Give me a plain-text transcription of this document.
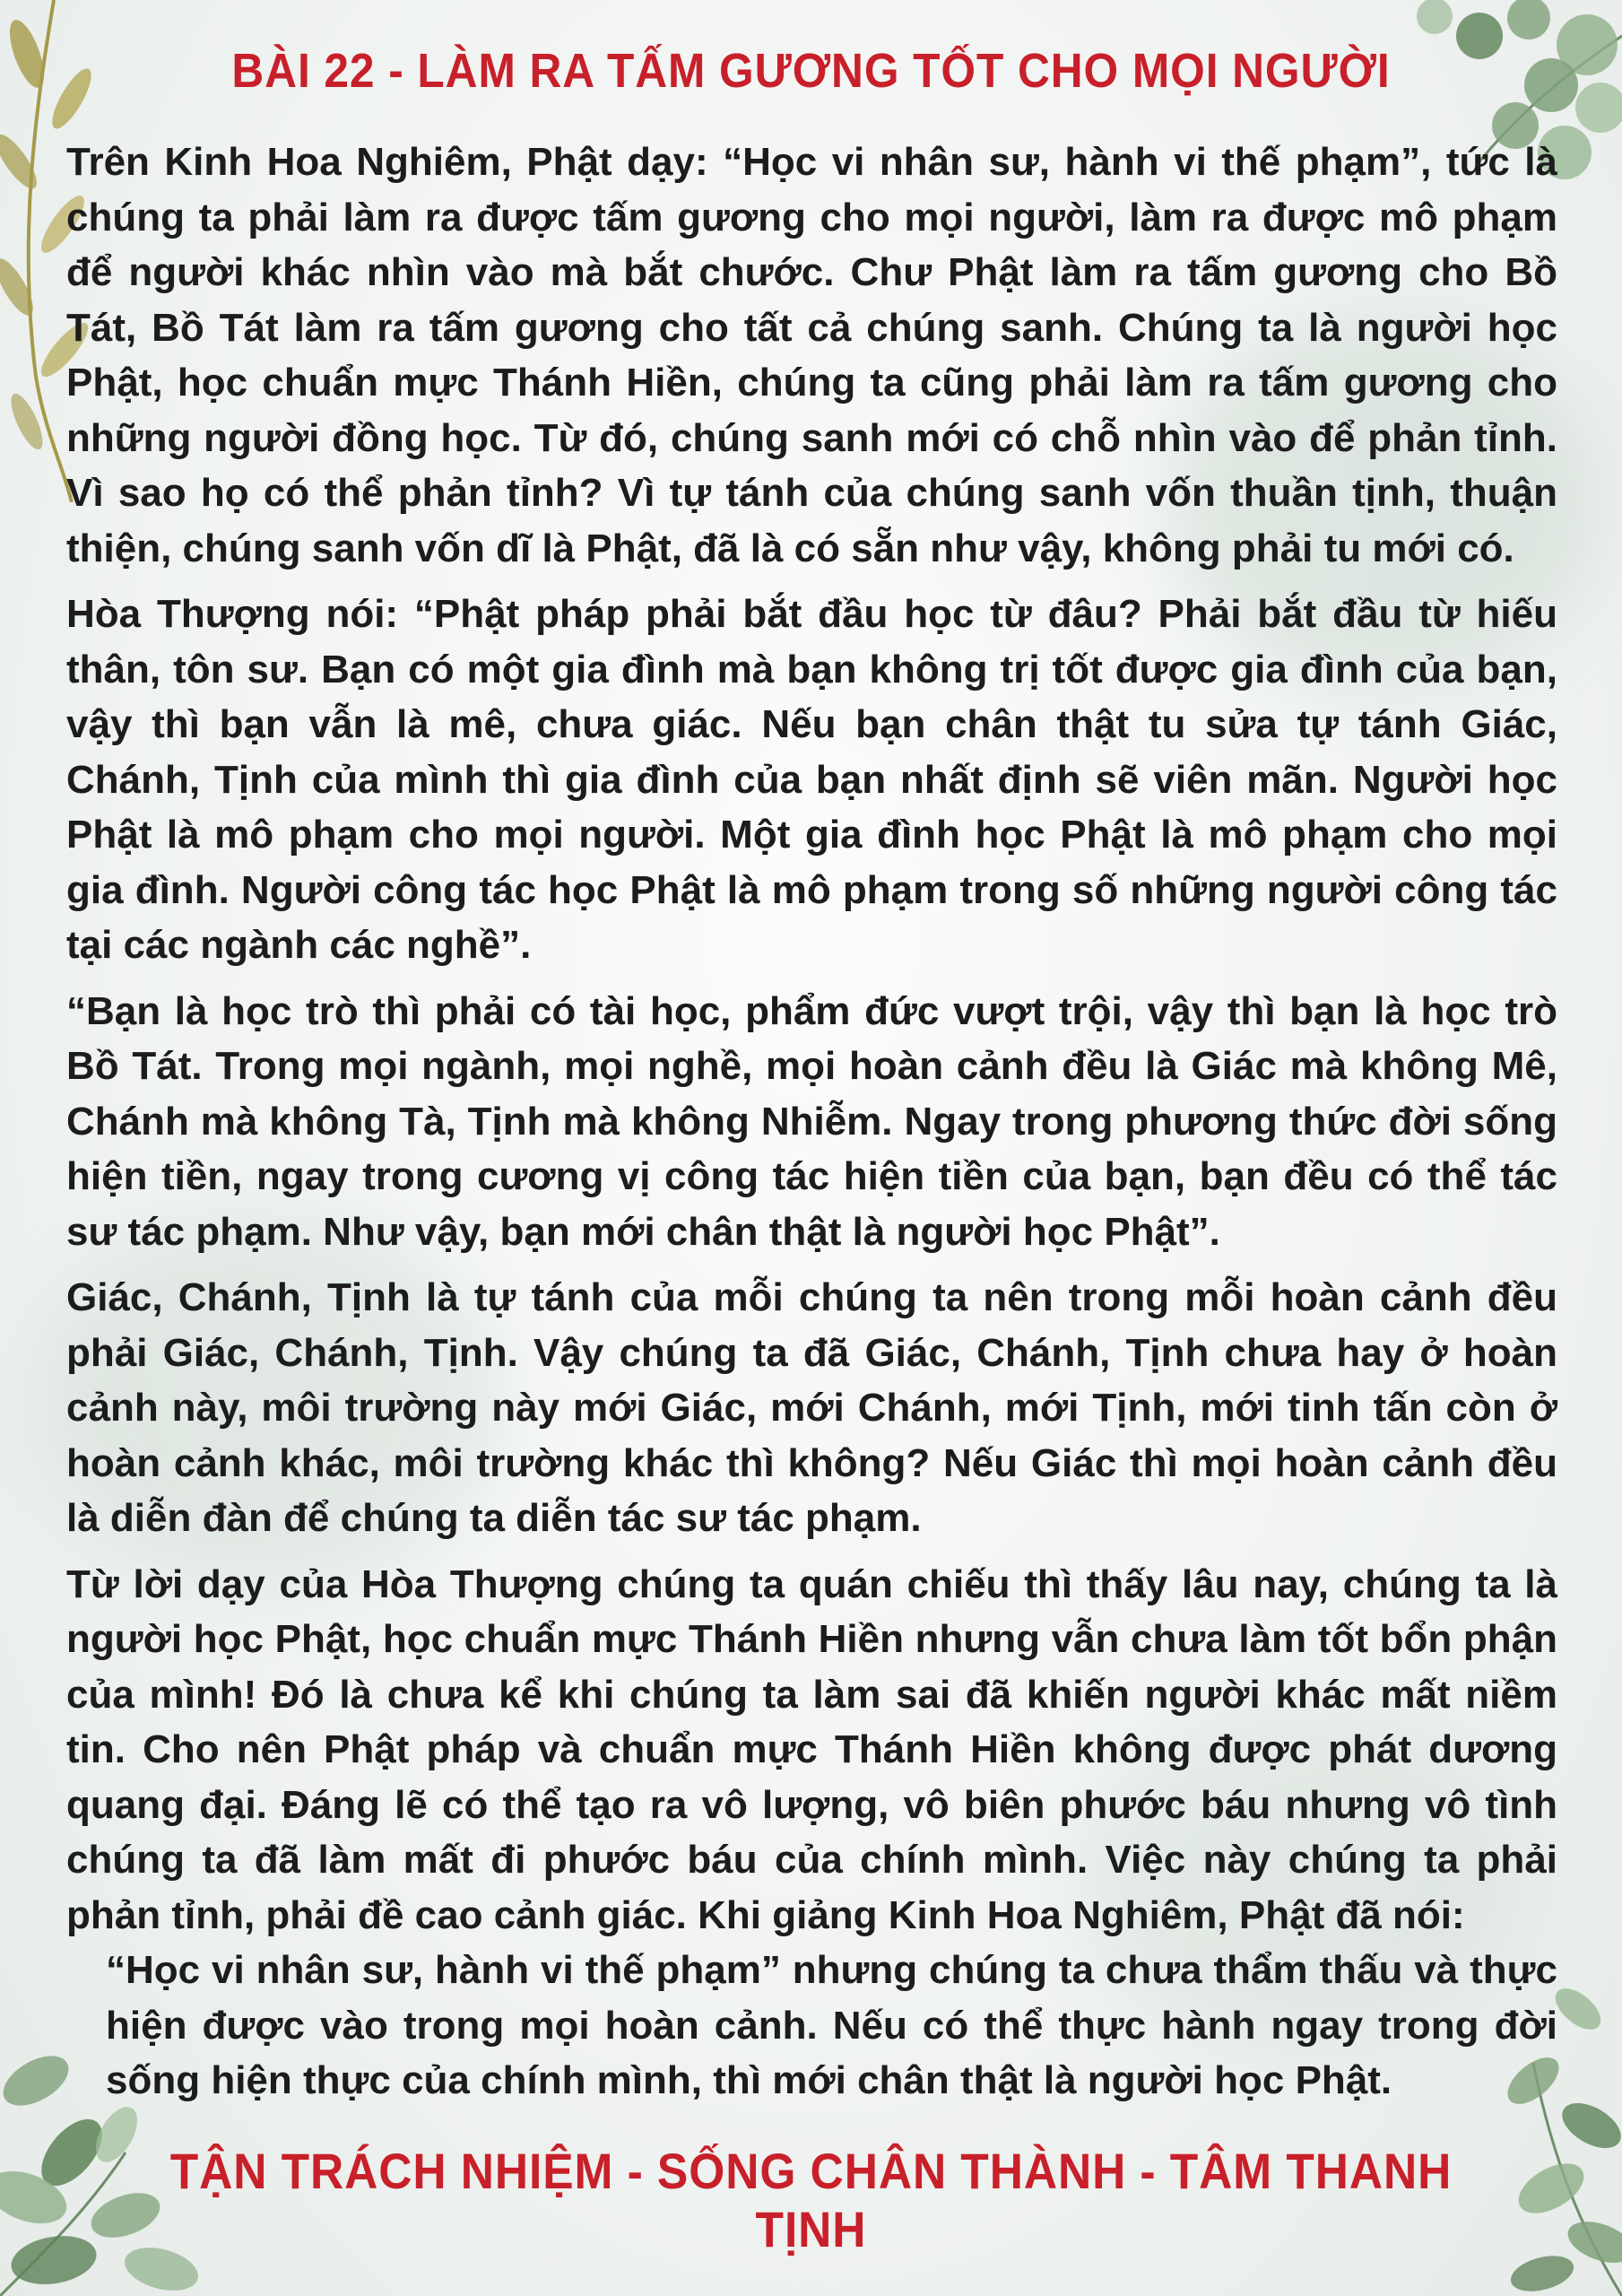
BÀI 22 - LÀM RA TẤM GƯƠNG TỐT CHO MỌI NGƯỜI

Trên Kinh Hoa Nghiêm, Phật dạy: “Học vi nhân sư, hành vi thế phạm”, tức là chúng ta phải làm ra được tấm gương cho mọi người, làm ra được mô phạm để người khác nhìn vào mà bắt chước. Chư Phật làm ra tấm gương cho Bồ Tát, Bồ Tát làm ra tấm gương cho tất cả chúng sanh. Chúng ta là người học Phật, học chuẩn mực Thánh Hiền, chúng ta cũng phải làm ra tấm gương cho những người đồng học. Từ đó, chúng sanh mới có chỗ nhìn vào để phản tỉnh. Vì sao họ có thể phản tỉnh? Vì tự tánh của chúng sanh vốn thuần tịnh, thuận thiện, chúng sanh vốn dĩ là Phật, đã là có sẵn như vậy, không phải tu mới có.

Hòa Thượng nói: “Phật pháp phải bắt đầu học từ đâu? Phải bắt đầu từ hiếu thân, tôn sư. Bạn có một gia đình mà bạn không trị tốt được gia đình của bạn, vậy thì bạn vẫn là mê, chưa giác. Nếu bạn chân thật tu sửa tự tánh Giác, Chánh, Tịnh của mình thì gia đình của bạn nhất định sẽ viên mãn. Người học Phật là mô phạm cho mọi người. Một gia đình học Phật là mô phạm cho mọi gia đình. Người công tác học Phật là mô phạm trong số những người công tác tại các ngành các nghề”.

“Bạn là học trò thì phải có tài học, phẩm đức vượt trội, vậy thì bạn là học trò Bồ Tát. Trong mọi ngành, mọi nghề, mọi hoàn cảnh đều là Giác mà không Mê, Chánh mà không Tà, Tịnh mà không Nhiễm. Ngay trong phương thức đời sống hiện tiền, ngay trong cương vị công tác hiện tiền của bạn, bạn đều có thể tác sư tác phạm. Như vậy, bạn mới chân thật là người học Phật”.

Giác, Chánh, Tịnh là tự tánh của mỗi chúng ta nên trong mỗi hoàn cảnh đều phải Giác, Chánh, Tịnh. Vậy chúng ta đã Giác, Chánh, Tịnh chưa hay ở hoàn cảnh này, môi trường này mới Giác, mới Chánh, mới Tịnh, mới tinh tấn còn ở hoàn cảnh khác, môi trường khác thì không? Nếu Giác thì mọi hoàn cảnh đều là diễn đàn để chúng ta diễn tác sư tác phạm.

Từ lời dạy của Hòa Thượng chúng ta quán chiếu thì thấy lâu nay, chúng ta là người học Phật, học chuẩn mực Thánh Hiền nhưng vẫn chưa làm tốt bổn phận của mình! Đó là chưa kể khi chúng ta làm sai đã khiến người khác mất niềm tin. Cho nên Phật pháp và chuẩn mực Thánh Hiền không được phát dương quang đại. Đáng lẽ có thể tạo ra vô lượng, vô biên phước báu nhưng vô tình chúng ta đã làm mất đi phước báu của chính mình. Việc này chúng ta phải phản tỉnh, phải đề cao cảnh giác. Khi giảng Kinh Hoa Nghiêm, Phật đã nói:

“Học vi nhân sư, hành vi thế phạm” nhưng chúng ta chưa thẩm thấu và thực hiện được vào trong mọi hoàn cảnh. Nếu có thể thực hành ngay trong đời sống hiện thực của chính mình, thì mới chân thật là người học Phật.

TẬN TRÁCH NHIỆM - SỐNG CHÂN THÀNH - TÂM THANH TỊNH
